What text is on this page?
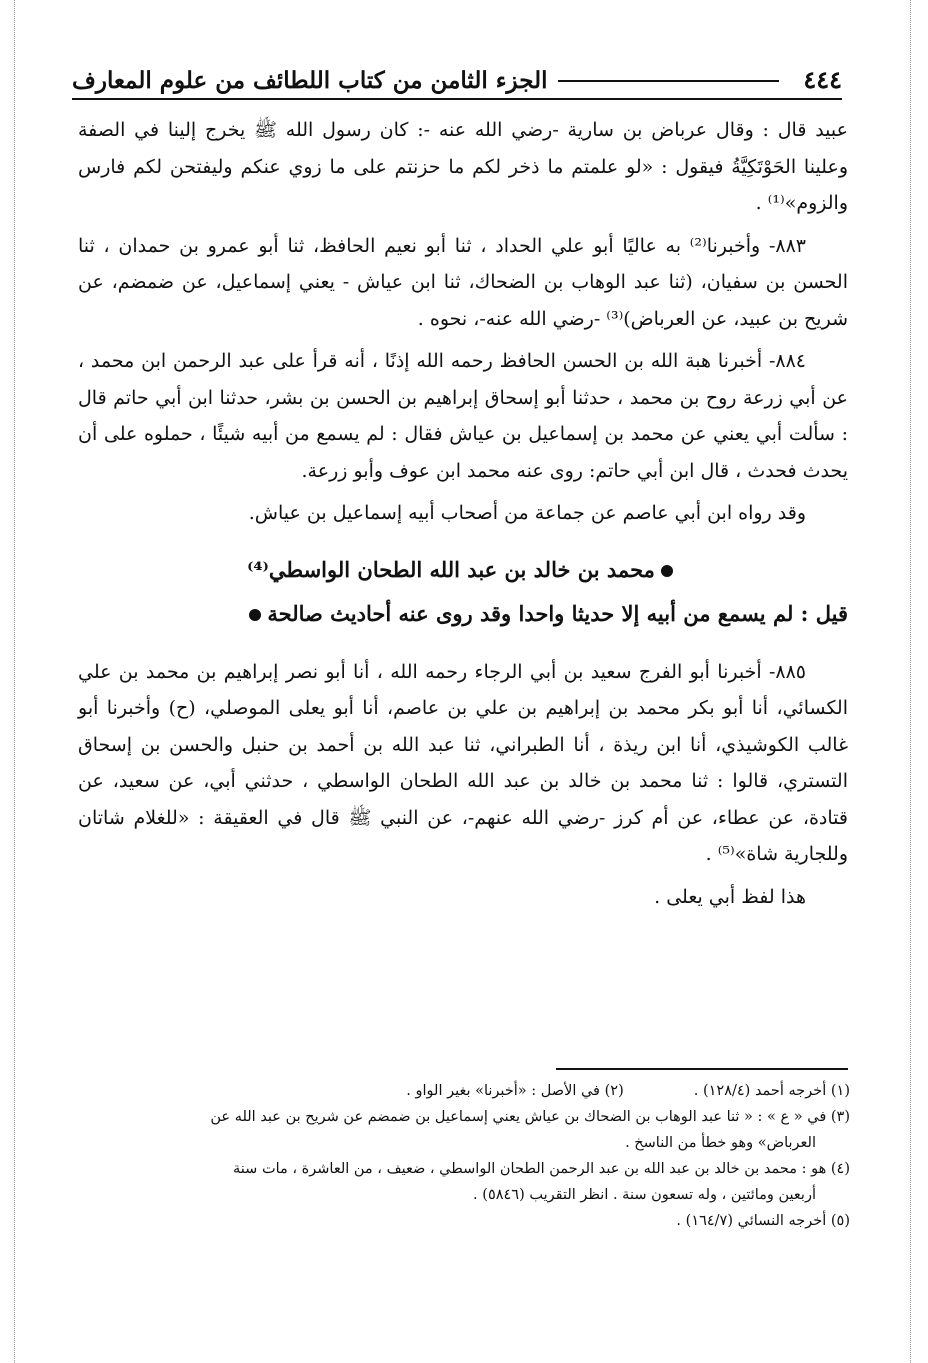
٤٤٤
الجزء الثامن من كتاب اللطائف من علوم المعارف

عبيد قال : وقال عرباض بن سارية -رضي الله عنه -: كان رسول الله ﷺ يخرج إلينا في الصفة وعلينا الحَوْتَكِيَّةُ فيقول : «لو علمتم ما ذخر لكم ما حزنتم على ما زوي عنكم وليفتحن لكم فارس والزوم»⁽¹⁾ .

٨٨٣- وأخبرنا⁽²⁾ به عاليًا أبو علي الحداد ، ثنا أبو نعيم الحافظ، ثنا أبو عمرو بن حمدان ، ثنا الحسن بن سفيان، (ثنا عبد الوهاب بن الضحاك، ثنا ابن عياش - يعني إسماعيل، عن ضمضم، عن شريح بن عبيد، عن العرباض)⁽³⁾ -رضي الله عنه-، نحوه .

٨٨٤- أخبرنا هبة الله بن الحسن الحافظ رحمه الله إذنًا ، أنه قرأ على عبد الرحمن ابن محمد ، عن أبي زرعة روح بن محمد ، حدثنا أبو إسحاق إبراهيم بن الحسن بن بشر، حدثنا ابن أبي حاتم قال : سألت أبي يعني عن محمد بن إسماعيل بن عياش فقال : لم يسمع من أبيه شيئًا ، حملوه على أن يحدث فحدث ، قال ابن أبي حاتم: روى عنه محمد ابن عوف وأبو زرعة.

وقد رواه ابن أبي عاصم عن جماعة من أصحاب أبيه إسماعيل بن عياش.

محمد بن خالد بن عبد الله الطحان الواسطي⁽⁴⁾
قيل : لم يسمع من أبيه إلا حديثا واحدا وقد روى عنه أحاديث صالحة

٨٨٥- أخبرنا أبو الفرج سعيد بن أبي الرجاء رحمه الله ، أنا أبو نصر إبراهيم بن محمد بن علي الكسائي، أنا أبو بكر محمد بن إبراهيم بن علي بن عاصم، أنا أبو يعلى الموصلي، (ح) وأخبرنا أبو غالب الكوشيذي، أنا ابن ريذة ، أنا الطبراني، ثنا عبد الله بن أحمد بن حنبل والحسن بن إسحاق التستري، قالوا : ثنا محمد بن خالد بن عبد الله الطحان الواسطي ، حدثني أبي، عن سعيد، عن قتادة، عن عطاء، عن أم كرز -رضي الله عنهم-، عن النبي ﷺ قال في العقيقة : «للغلام شاتان وللجارية شاة»⁽⁵⁾ .

هذا لفظ أبي يعلى .

(١) أخرجه أحمد (١٢٨/٤) .
(٢) في الأصل : «أخبرنا» بغير الواو .
(٣) في « ع » : « ثنا عبد الوهاب بن الضحاك بن عياش يعني إسماعيل بن ضمضم عن شريح بن عبد الله عن
العرباض» وهو خطأ من الناسخ .
(٤) هو : محمد بن خالد بن عبد الله بن عبد الرحمن الطحان الواسطي ، ضعيف ، من العاشرة ، مات سنة
أربعين ومائتين ، وله تسعون سنة . انظر التقريب (٥٨٤٦) .
(٥) أخرجه النسائي (١٦٤/٧) .
